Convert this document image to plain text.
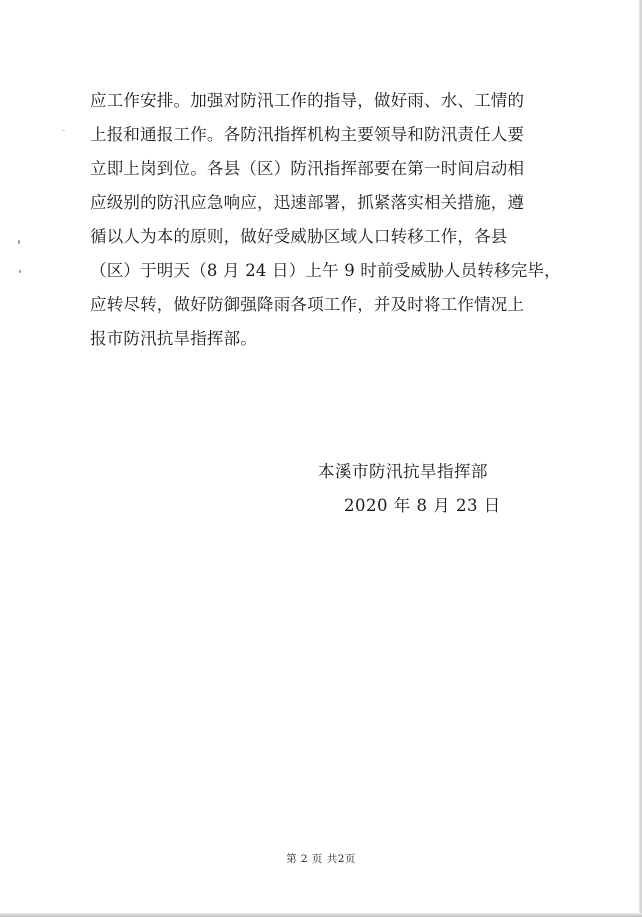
应工作安排。加强对防汛工作的指导，做好雨、水、工情的
上报和通报工作。各防汛指挥机构主要领导和防汛责任人要
立即上岗到位。各县（区）防汛指挥部要在第一时间启动相
应级别的防汛应急响应，迅速部署，抓紧落实相关措施，遵
循以人为本的原则，做好受威胁区域人口转移工作，各县
（区）于明天（8 月 24 日）上午 9 时前受威胁人员转移完毕，
应转尽转，做好防御强降雨各项工作，并及时将工作情况上
报市防汛抗旱指挥部。
本溪市防汛抗旱指挥部
2020 年 8 月 23 日
第 2 页 共2页
